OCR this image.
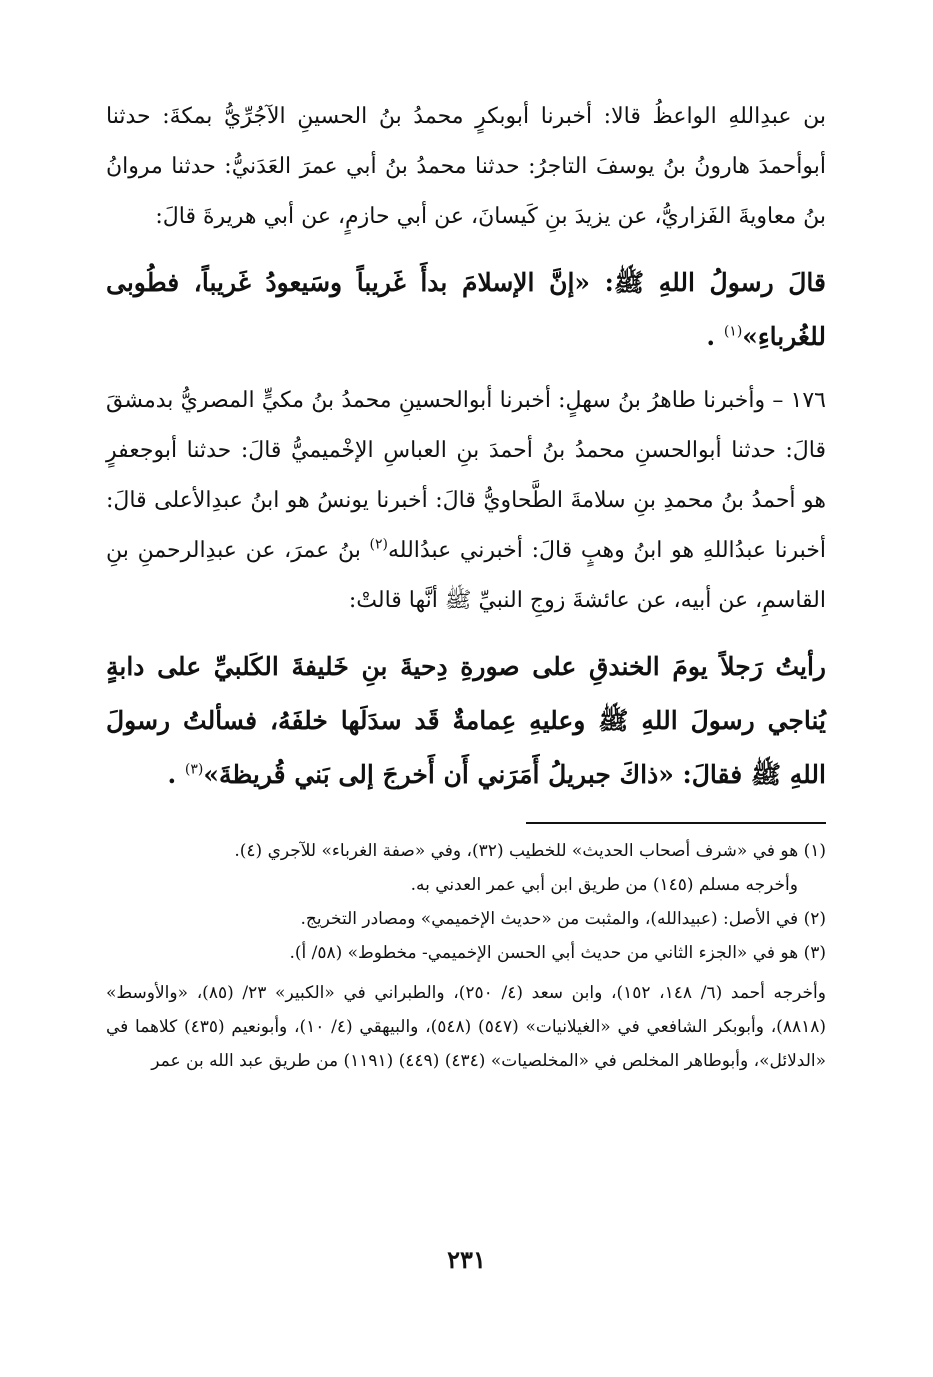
بن عبدِاللهِ الواعظُ قالا: أخبرنا أبوبكرٍ محمدُ بنُ الحسينِ الآجُرِّيُّ بمكةَ: حدثنا أبوأحمدَ هارونُ بنُ يوسفَ التاجرُ: حدثنا محمدُ بنُ أبي عمرَ العَدَنيُّ: حدثنا مروانُ بنُ معاويةَ الفَزاريُّ، عن يزيدَ بنِ كَيسانَ، عن أبي حازمٍ، عن أبي هريرةَ قالَ:

قالَ رسولُ اللهِ ﷺ: «إنَّ الإسلامَ بدأَ غَريباً وسَيعودُ غَريباً، فطُوبى للغُرباءِ»$^{(١)}$ .

١٧٦ – وأخبرنا طاهرُ بنُ سهلٍ: أخبرنا أبوالحسينِ محمدُ بنُ مكيٍّ المصريُّ بدمشقَ قالَ: حدثنا أبوالحسنِ محمدُ بنُ أحمدَ بنِ العباسِ الإخْميميُّ قالَ: حدثنا أبوجعفرٍ هو أحمدُ بنُ محمدِ بنِ سلامةَ الطَّحاويُّ قالَ: أخبرنا يونسُ هو ابنُ عبدِالأعلى قالَ: أخبرنا عبدُاللهِ هو ابنُ وهبٍ قالَ: أخبرني عبدُالله$^{(٢)}$ بنُ عمرَ، عن عبدِالرحمنِ بنِ القاسمِ، عن أبيه، عن عائشةَ زوجِ النبيِّ ﷺ أنَّها قالتْ:

رأيتُ رَجلاً يومَ الخندقِ على صورةِ دِحيةَ بنِ خَليفةَ الكَلبيِّ على دابةٍ يُناجي رسولَ اللهِ ﷺ وعليهِ عِمامةٌ قَد سدَلَها خلفَهُ، فسألتُ رسولَ اللهِ ﷺ فقالَ: «ذاكَ جبريلُ أَمَرَني أَن أَخرجَ إلى بَني قُريظةَ»$^{(٣)}$ .

(١) هو في «شرف أصحاب الحديث» للخطيب (٣٢)، وفي «صفة الغرباء» للآجري (٤).

وأخرجه مسلم (١٤٥) من طريق ابن أبي عمر العدني به.

(٢) في الأصل: (عبيدالله)، والمثبت من «حديث الإخميمي» ومصادر التخريج.

(٣) هو في «الجزء الثاني من حديث أبي الحسن الإخميمي- مخطوط» (٥٨/ أ).

وأخرجه أحمد (٦/ ١٤٨، ١٥٢)، وابن سعد (٤/ ٢٥٠)، والطبراني في «الكبير» ٢٣/ (٨٥)، «والأوسط» (٨٨١٨)، وأبوبكر الشافعي في «الغيلانيات» (٥٤٧) (٥٤٨)، والبيهقي (٤/ ١٠)، وأبونعيم (٤٣٥) كلاهما في «الدلائل»، وأبوطاهر المخلص في «المخلصيات» (٤٣٤) (٤٤٩) (١١٩١) من طريق عبد الله بن عمر

٢٣١
